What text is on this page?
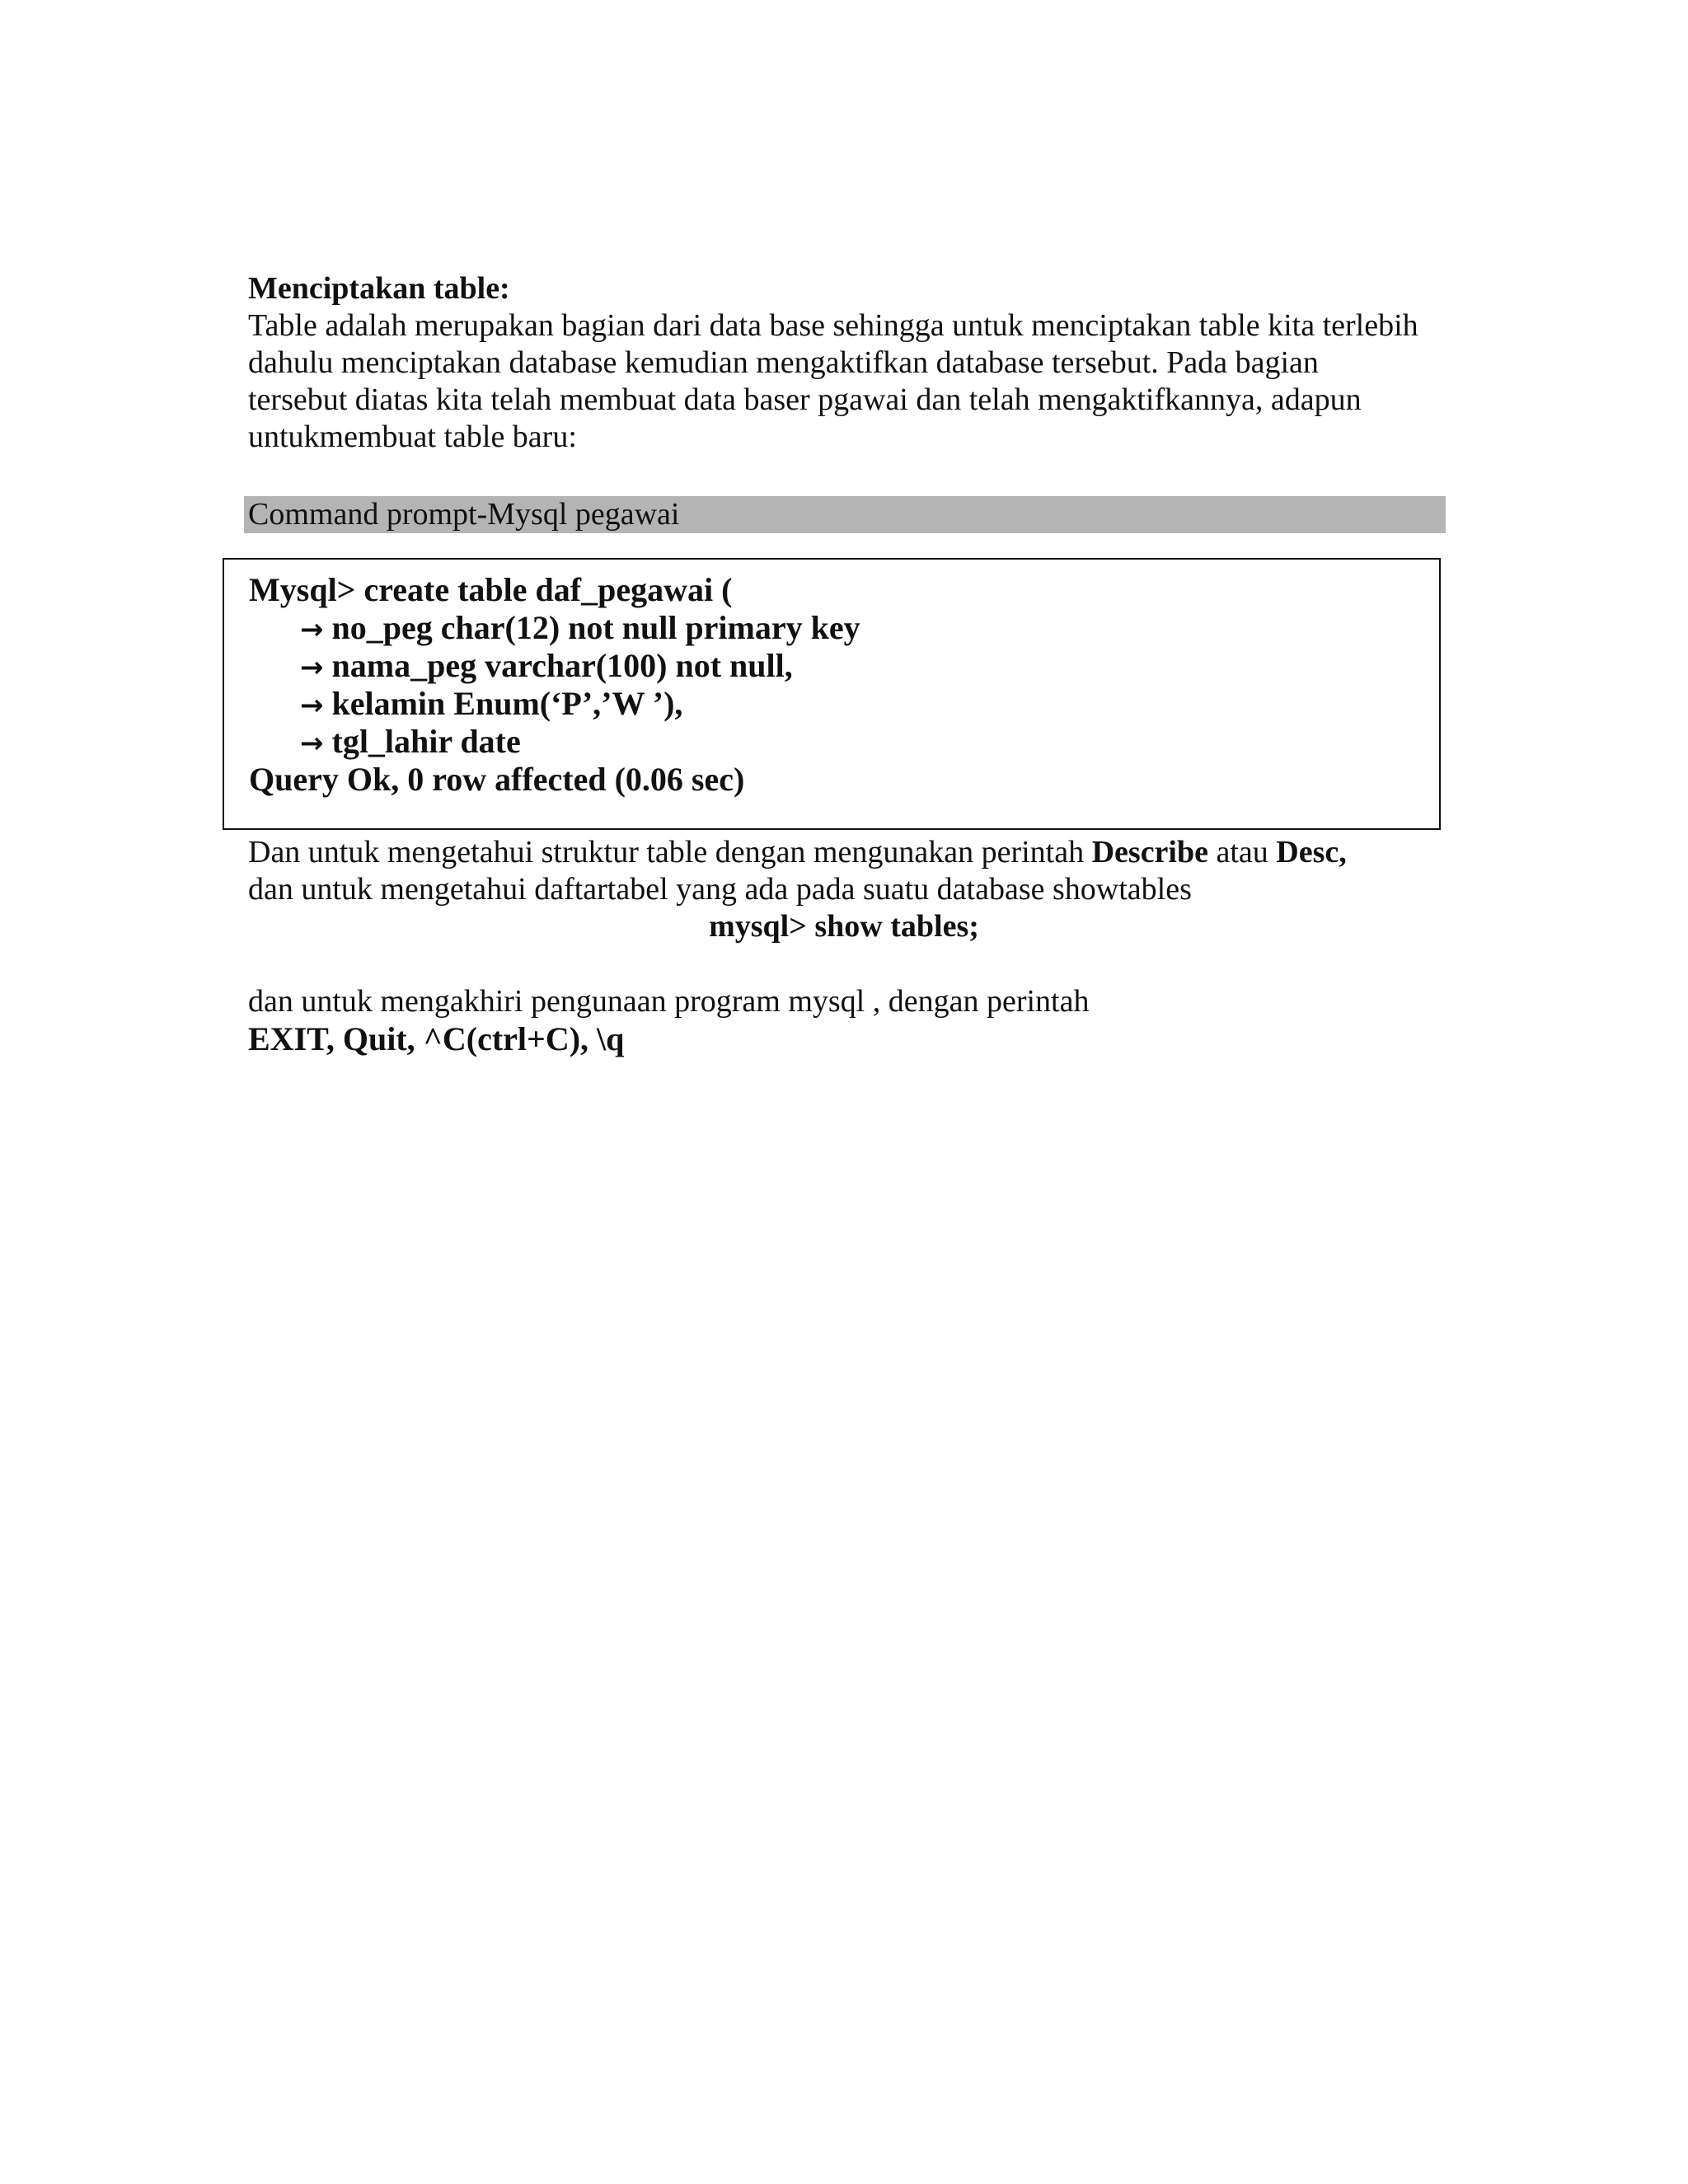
Menciptakan table:

Table adalah merupakan bagian dari data base sehingga untuk menciptakan table kita terlebih
dahulu menciptakan database kemudian mengaktifkan database tersebut. Pada bagian
tersebut diatas kita telah membuat data baser pgawai dan telah mengaktifkannya, adapun
untukmembuat table baru:

Command prompt-Mysql pegawai
Mysql> create table daf_pegawai (
→ no_peg char(12) not null primary key
→ nama_peg varchar(100) not null,
→ kelamin Enum(‘P’,’W ’),
→ tgl_lahir date
Query Ok, 0 row affected (0.06 sec)

Dan untuk mengetahui struktur table dengan mengunakan perintah Describe atau Desc,

dan untuk mengetahui daftartabel yang ada pada suatu database showtables

mysql> show tables;

dan untuk mengakhiri pengunaan program mysql , dengan perintah

EXIT, Quit, ^C(ctrl+C), \q
